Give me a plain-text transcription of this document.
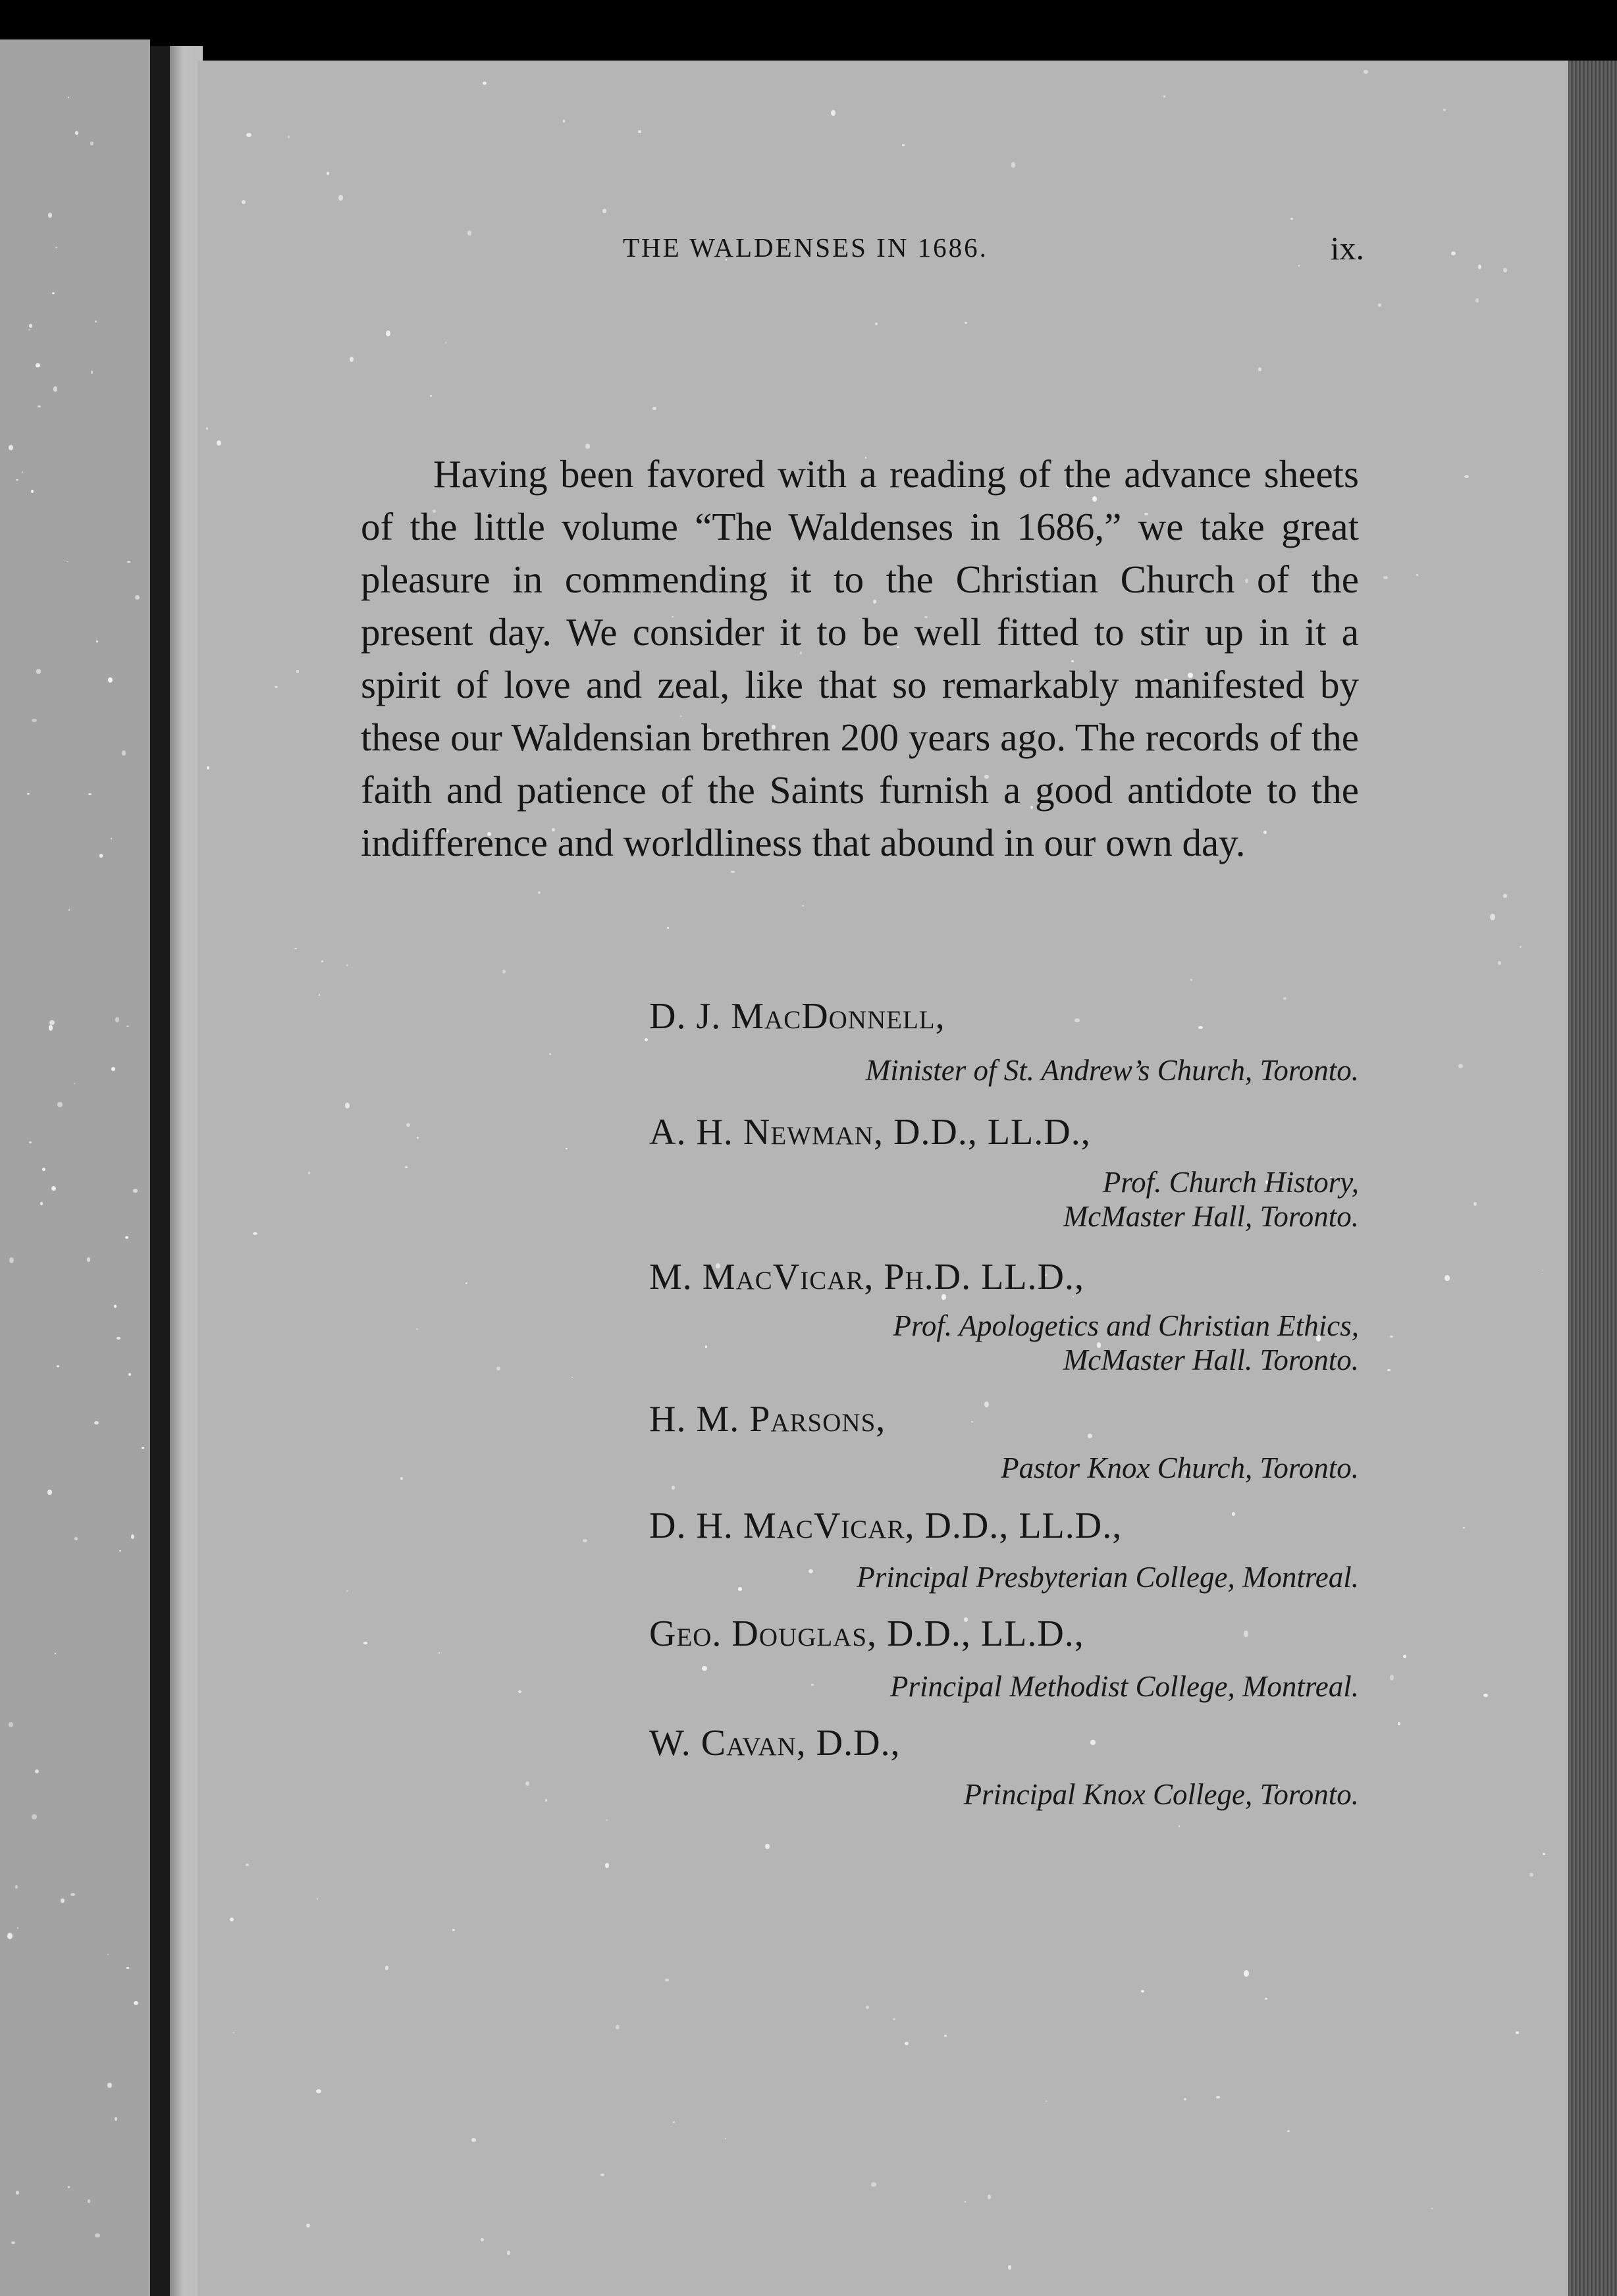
THE WALDENSES IN 1686.	ix.

Having been favored with a reading of the advance sheets of the little volume “The Waldenses in 1686,” we take great pleasure in commending it to the Christian Church of the present day. We consider it to be well fitted to stir up in it a spirit of love and zeal, like that so remarkably manifested by these our Waldensian brethren 200 years ago. The records of the faith and patience of the Saints furnish a good antidote to the indifference and worldliness that abound in our own day.

D. J. MacDonnell,
Minister of St. Andrew’s Church, Toronto.
A. H. Newman, D.D., LL.D.,
Prof. Church History,
McMaster Hall, Toronto.
M. MacVicar, Ph.D. LL.D.,
Prof. Apologetics and Christian Ethics,
McMaster Hall. Toronto.
H. M. Parsons,
Pastor Knox Church, Toronto.
D. H. MacVicar, D.D., LL.D.,
Principal Presbyterian College, Montreal.
Geo. Douglas, D.D., LL.D.,
Principal Methodist College, Montreal.
W. Cavan, D.D.,
Principal Knox College, Toronto.
